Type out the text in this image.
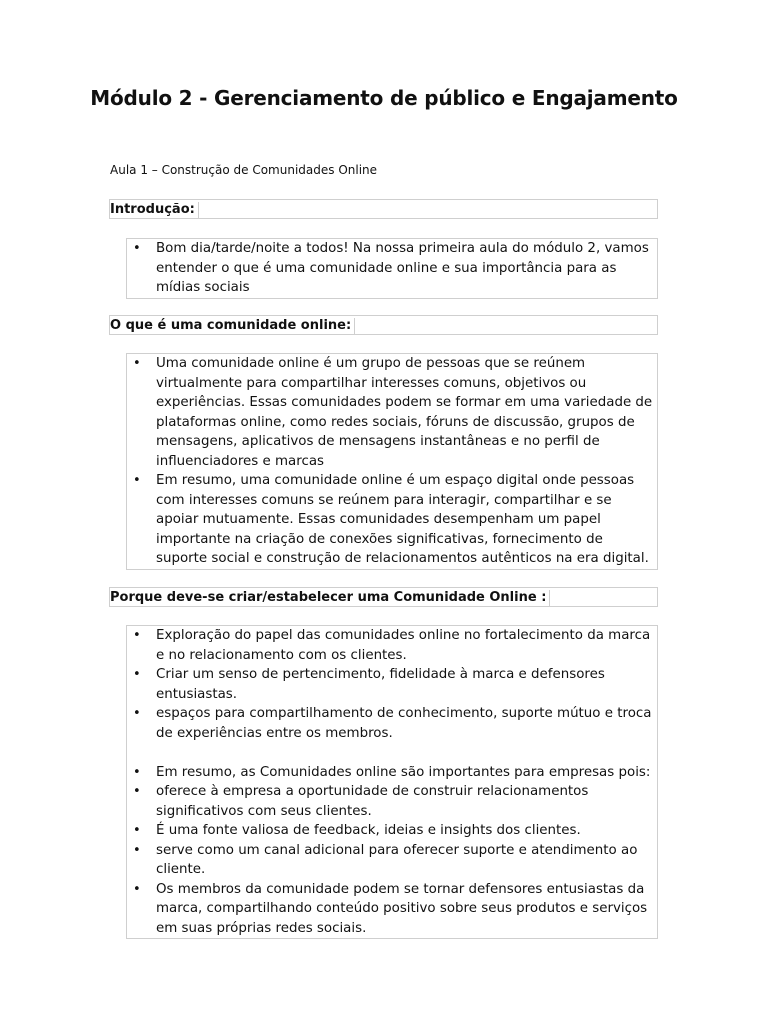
Módulo 2 - Gerenciamento de público e Engajamento
Aula 1 – Construção de Comunidades Online
Introdução:
• Bom dia/tarde/noite a todos! Na nossa primeira aula do módulo 2, vamos entender o que é uma comunidade online e sua importância para as mídias sociais
O que é uma comunidade online:
• Uma comunidade online é um grupo de pessoas que se reúnem virtualmente para compartilhar interesses comuns, objetivos ou experiências. Essas comunidades podem se formar em uma variedade de plataformas online, como redes sociais, fóruns de discussão, grupos de mensagens, aplicativos de mensagens instantâneas e no perfil de influenciadores e marcas
• Em resumo, uma comunidade online é um espaço digital onde pessoas com interesses comuns se reúnem para interagir, compartilhar e se apoiar mutuamente. Essas comunidades desempenham um papel importante na criação de conexões significativas, fornecimento de suporte social e construção de relacionamentos autênticos na era digital.
Porque deve-se criar/estabelecer uma Comunidade Online :
• Exploração do papel das comunidades online no fortalecimento da marca e no relacionamento com os clientes.
• Criar um senso de pertencimento, fidelidade à marca e defensores entusiastas.
• espaços para compartilhamento de conhecimento, suporte mútuo e troca de experiências entre os membros.
• Em resumo, as Comunidades online são importantes para empresas pois:
• oferece à empresa a oportunidade de construir relacionamentos significativos com seus clientes.
• É uma fonte valiosa de feedback, ideias e insights dos clientes.
• serve como um canal adicional para oferecer suporte e atendimento ao cliente.
• Os membros da comunidade podem se tornar defensores entusiastas da marca, compartilhando conteúdo positivo sobre seus produtos e serviços em suas próprias redes sociais.
